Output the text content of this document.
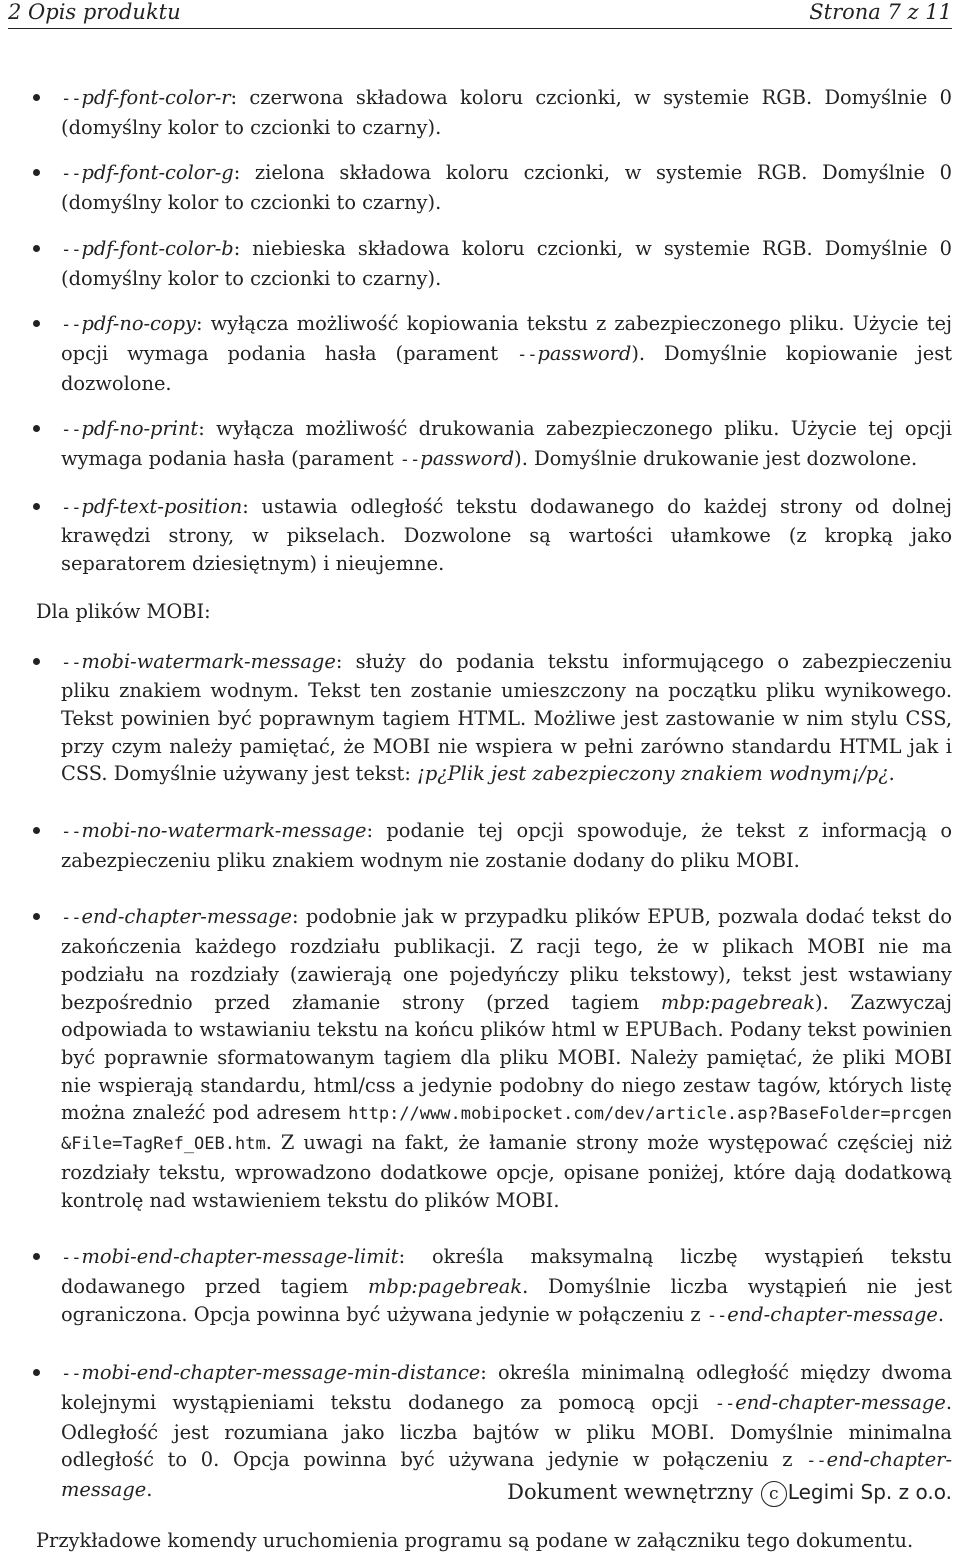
2 Opis produktu	Strona 7 z 11
--pdf-font-color-r: czerwona składowa koloru czcionki, w systemie RGB. Domyślnie 0 (domyślny kolor to czcionki to czarny).
--pdf-font-color-g: zielona składowa koloru czcionki, w systemie RGB. Domyślnie 0 (domyślny kolor to czcionki to czarny).
--pdf-font-color-b: niebieska składowa koloru czcionki, w systemie RGB. Domyślnie 0 (domyślny kolor to czcionki to czarny).
--pdf-no-copy: wyłącza możliwość kopiowania tekstu z zabezpieczonego pliku. Użycie tej opcji wymaga podania hasła (parament --password). Domyślnie kopiowanie jest dozwolone.
--pdf-no-print: wyłącza możliwość drukowania zabezpieczonego pliku. Użycie tej opcji wymaga podania hasła (parament --password). Domyślnie drukowanie jest dozwolone.
--pdf-text-position: ustawia odległość tekstu dodawanego do każdej strony od dolnej krawędzi strony, w pikselach. Dozwolone są wartości ułamkowe (z kropką jako separatorem dziesiętnym) i nieujemne.

Dla plików MOBI:

--mobi-watermark-message: służy do podania tekstu informującego o zabezpieczeniu pliku znakiem wodnym. Tekst ten zostanie umieszczony na początku pliku wynikowego. Tekst powinien być poprawnym tagiem HTML. Możliwe jest zastowanie w nim stylu CSS, przy czym należy pamiętać, że MOBI nie wspiera w pełni zarówno standardu HTML jak i CSS. Domyślnie używany jest tekst: ¡p¿Plik jest zabezpieczony znakiem wodnym¡/p¿.
--mobi-no-watermark-message: podanie tej opcji spowoduje, że tekst z informacją o zabezpieczeniu pliku znakiem wodnym nie zostanie dodany do pliku MOBI.
--end-chapter-message: podobnie jak w przypadku plików EPUB, pozwala dodać tekst do zakończenia każdego rozdziału publikacji. Z racji tego, że w plikach MOBI nie ma podziału na rozdziały (zawierają one pojedyńczy pliku tekstowy), tekst jest wstawiany bezpośrednio przed złamanie strony (przed tagiem mbp:pagebreak). Zazwyczaj odpowiada to wstawianiu tekstu na końcu plików html w EPUBach. Podany tekst powinien być poprawnie sformatowanym tagiem dla pliku MOBI. Należy pamiętać, że pliki MOBI nie wspierają standardu, html/css a jedynie podobny do niego zestaw tagów, których listę można znaleźć pod adresem http://www.mobipocket.com/dev/article.asp?BaseFolder=prcgen&File=TagRef_OEB.htm. Z uwagi na fakt, że łamanie strony może występować częściej niż rozdziały tekstu, wprowadzono dodatkowe opcje, opisane poniżej, które dają dodatkową kontrolę nad wstawieniem tekstu do plików MOBI.
--mobi-end-chapter-message-limit: określa maksymalną liczbę wystąpień tekstu dodawanego przed tagiem mbp:pagebreak. Domyślnie liczba wystąpień nie jest ograniczona. Opcja powinna być używana jedynie w połączeniu z --end-chapter-message.
--mobi-end-chapter-message-min-distance: określa minimalną odległość między dwoma kolejnymi wystąpieniami tekstu dodanego za pomocą opcji --end-chapter-message. Odległość jest rozumiana jako liczba bajtów w pliku MOBI. Domyślnie minimalna odległość to 0. Opcja powinna być używana jedynie w połączeniu z --end-chapter-message.

Przykładowe komendy uruchomienia programu są podane w załączniku tego dokumentu.

Dokument wewnętrzny c Legimi Sp. z o.o.
